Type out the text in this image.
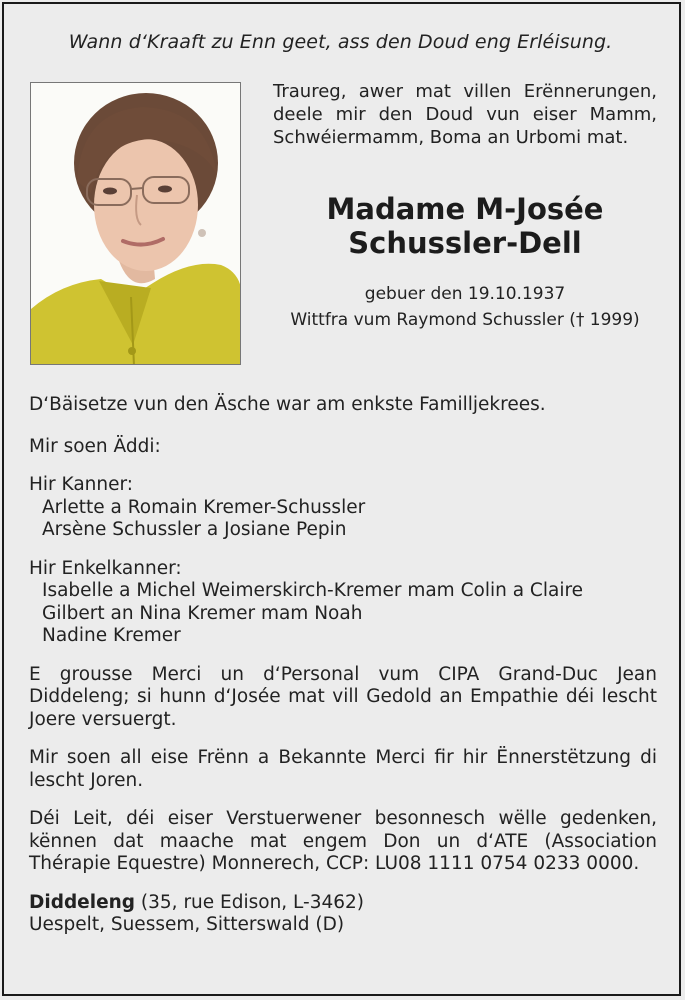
Wann d‘Kraaft zu Enn geet, ass den Doud eng Erléisung.
Traureg, awer mat villen Erënnerungen, deele mir den Doud vun eiser Mamm, Schwéiermamm, Boma an Urbomi mat.
Madame M-Josée
Schussler-Dell
gebuer den 19.10.1937
Wittfra vum Raymond Schussler († 1999)

D‘Bäisetze vun den Äsche war am enkste Familljekrees.

Mir soen Äddi:

Hir Kanner:

Arlette a Romain Kremer-Schussler

Arsène Schussler a Josiane Pepin

Hir Enkelkanner:

Isabelle a Michel Weimerskirch-Kremer mam Colin a Claire

Gilbert an Nina Kremer mam Noah

Nadine Kremer

E grousse Merci un d‘Personal vum CIPA Grand-Duc Jean Diddeleng; si hunn d‘Josée mat vill Gedold an Empathie déi lescht Joere versuergt.

Mir soen all eise Frënn a Bekannte Merci fir hir Ënnerstëtzung di lescht Joren.

Déi Leit, déi eiser Verstuerwener besonnesch wëlle gedenken, kënnen dat maache mat engem Don un d‘ATE (Association Thérapie Equestre) Monnerech, CCP: LU08 1111 0754 0233 0000.

Diddeleng (35, rue Edison, L-3462)

Uespelt, Suessem, Sitterswald (D)
